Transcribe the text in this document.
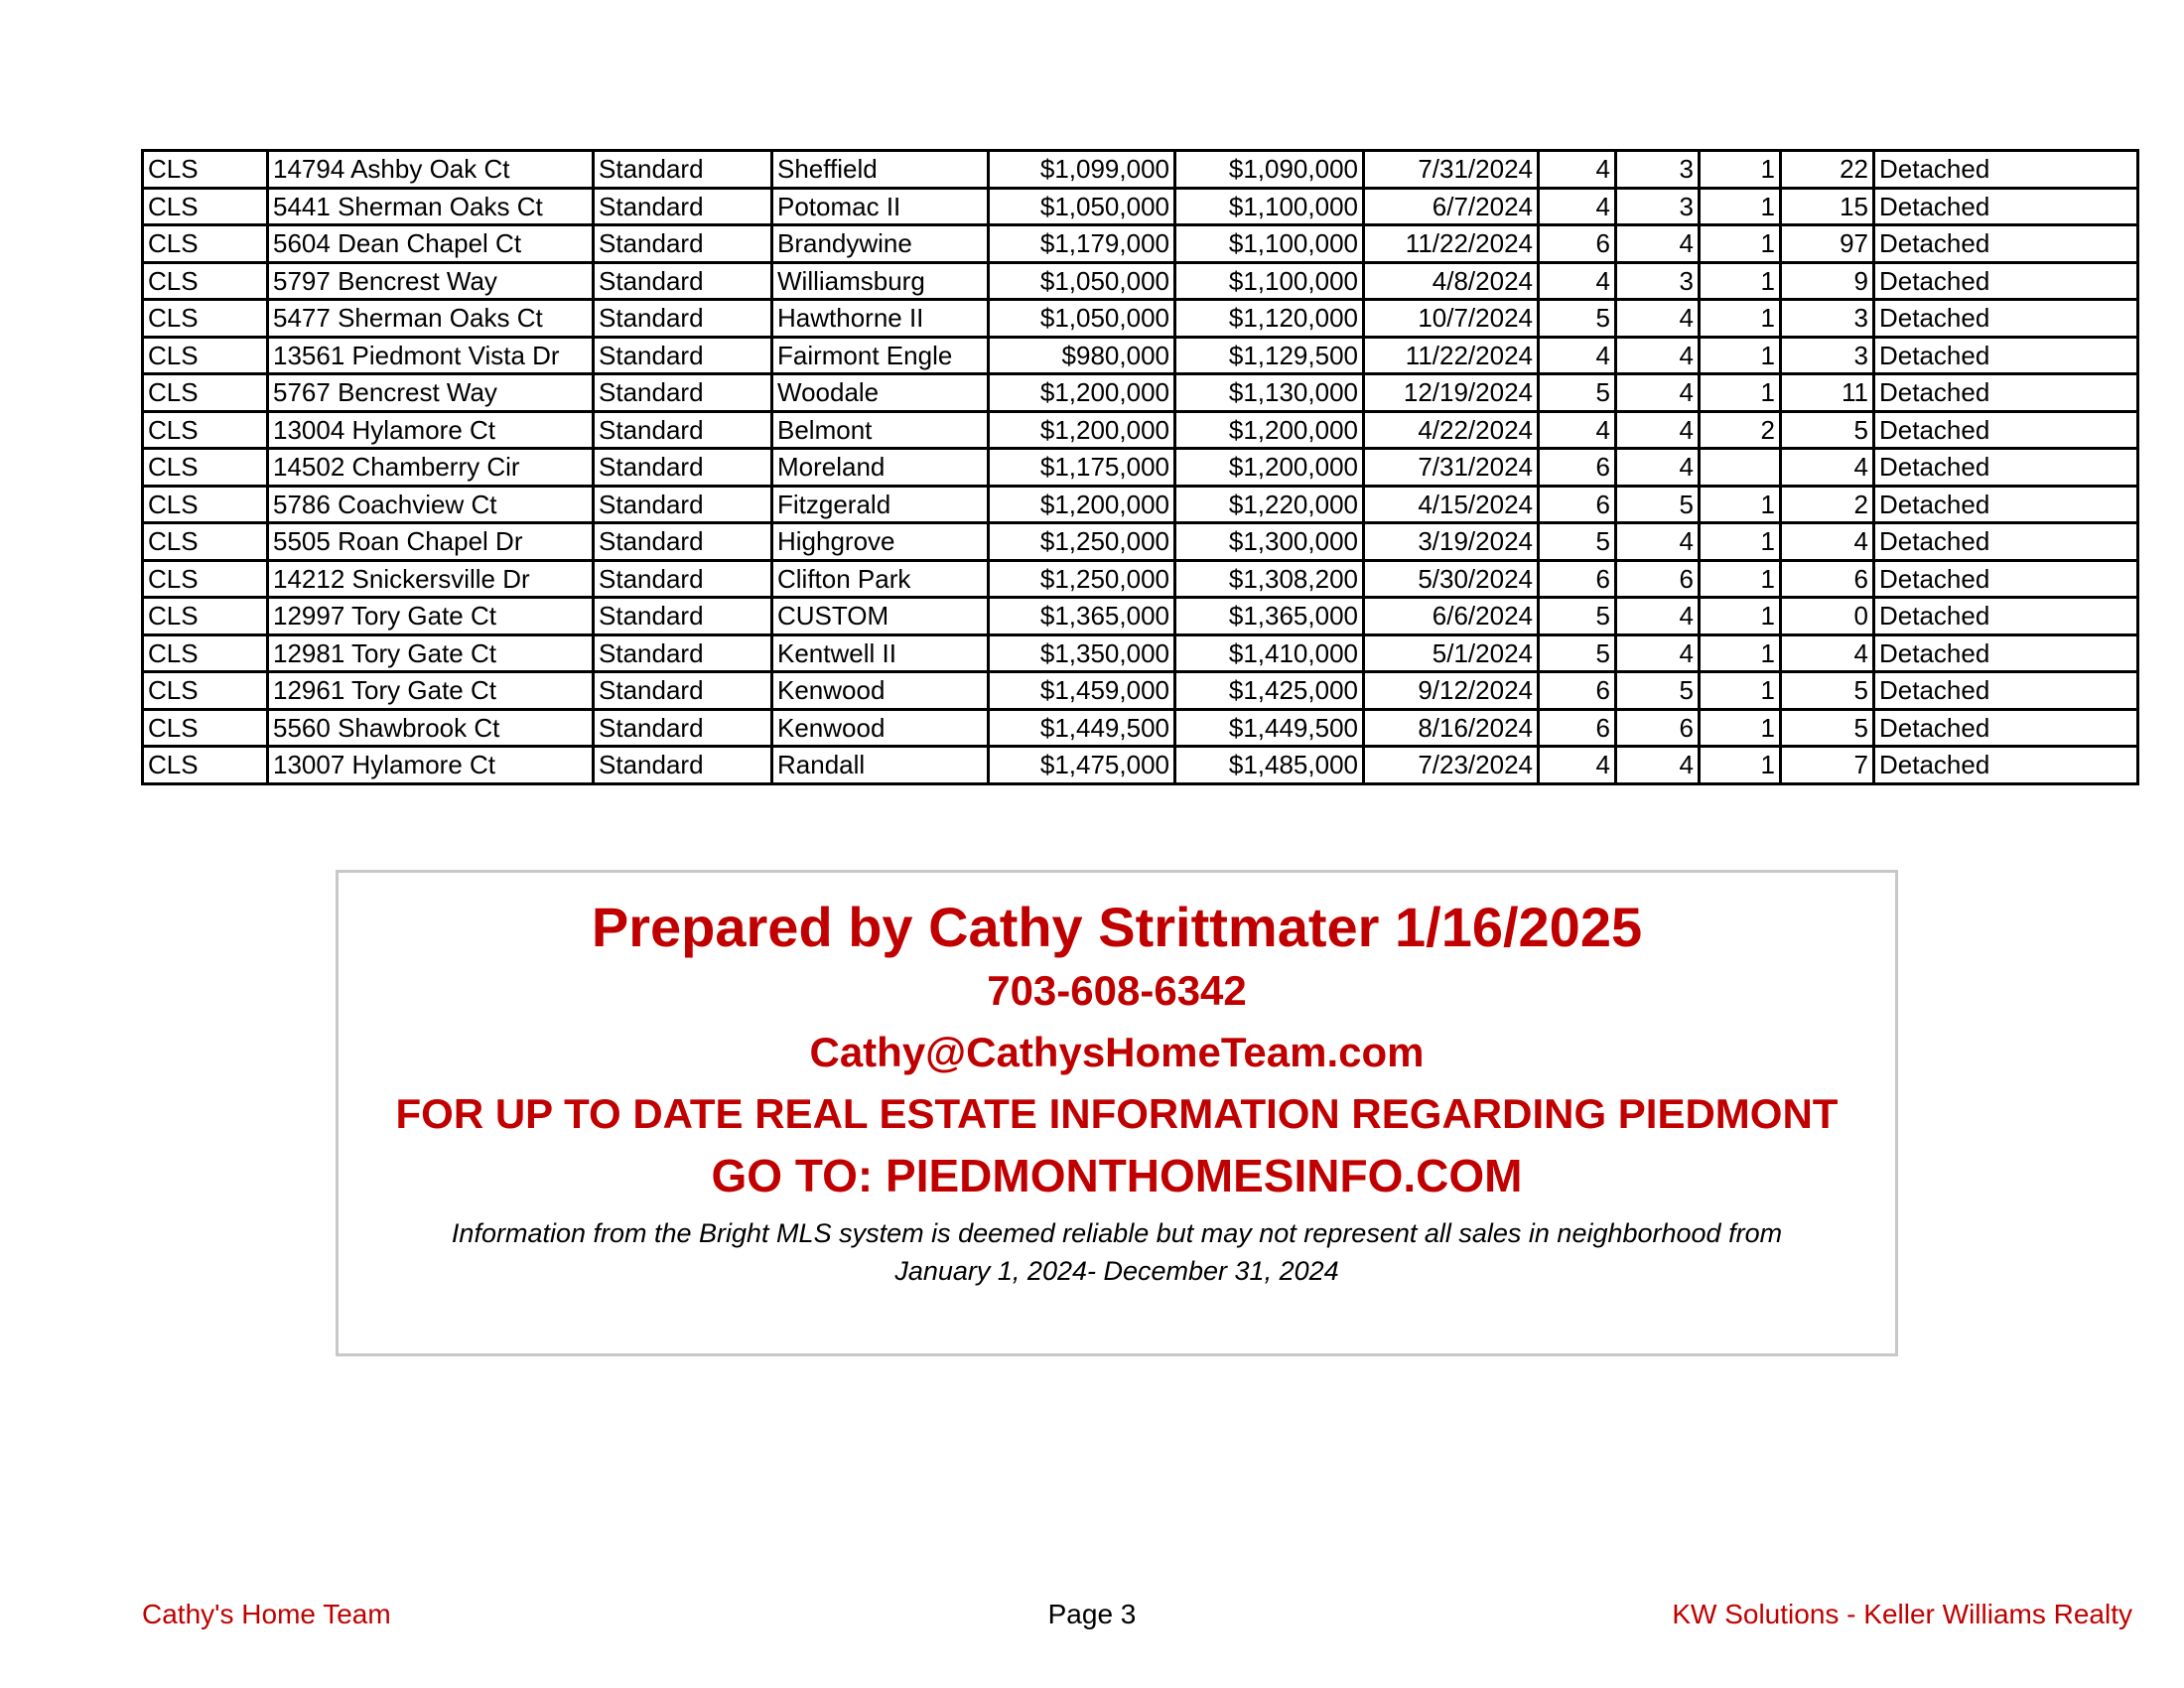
CLS	14794 Ashby Oak Ct	Standard	Sheffield	$1,099,000	$1,090,000	7/31/2024	4	3	1	22	Detached
CLS	5441 Sherman Oaks Ct	Standard	Potomac II	$1,050,000	$1,100,000	6/7/2024	4	3	1	15	Detached
CLS	5604 Dean Chapel Ct	Standard	Brandywine	$1,179,000	$1,100,000	11/22/2024	6	4	1	97	Detached
CLS	5797 Bencrest Way	Standard	Williamsburg	$1,050,000	$1,100,000	4/8/2024	4	3	1	9	Detached
CLS	5477 Sherman Oaks Ct	Standard	Hawthorne II	$1,050,000	$1,120,000	10/7/2024	5	4	1	3	Detached
CLS	13561 Piedmont Vista Dr	Standard	Fairmont Engle	$980,000	$1,129,500	11/22/2024	4	4	1	3	Detached
CLS	5767 Bencrest Way	Standard	Woodale	$1,200,000	$1,130,000	12/19/2024	5	4	1	11	Detached
CLS	13004 Hylamore Ct	Standard	Belmont	$1,200,000	$1,200,000	4/22/2024	4	4	2	5	Detached
CLS	14502 Chamberry Cir	Standard	Moreland	$1,175,000	$1,200,000	7/31/2024	6	4		4	Detached
CLS	5786 Coachview Ct	Standard	Fitzgerald	$1,200,000	$1,220,000	4/15/2024	6	5	1	2	Detached
CLS	5505 Roan Chapel Dr	Standard	Highgrove	$1,250,000	$1,300,000	3/19/2024	5	4	1	4	Detached
CLS	14212 Snickersville Dr	Standard	Clifton Park	$1,250,000	$1,308,200	5/30/2024	6	6	1	6	Detached
CLS	12997 Tory Gate Ct	Standard	CUSTOM	$1,365,000	$1,365,000	6/6/2024	5	4	1	0	Detached
CLS	12981 Tory Gate Ct	Standard	Kentwell II	$1,350,000	$1,410,000	5/1/2024	5	4	1	4	Detached
CLS	12961 Tory Gate Ct	Standard	Kenwood	$1,459,000	$1,425,000	9/12/2024	6	5	1	5	Detached
CLS	5560 Shawbrook Ct	Standard	Kenwood	$1,449,500	$1,449,500	8/16/2024	6	6	1	5	Detached
CLS	13007 Hylamore Ct	Standard	Randall	$1,475,000	$1,485,000	7/23/2024	4	4	1	7	Detached
Prepared by Cathy Strittmater 1/16/2025
703-608-6342
Cathy@CathysHomeTeam.com
FOR UP TO DATE REAL ESTATE INFORMATION REGARDING PIEDMONT
GO TO: PIEDMONTHOMESINFO.COM
Information from the Bright MLS system is deemed reliable but may not represent all sales in neighborhood from
January 1, 2024- December 31, 2024
Cathy's Home Team	Page 3	KW Solutions - Keller Williams Realty
